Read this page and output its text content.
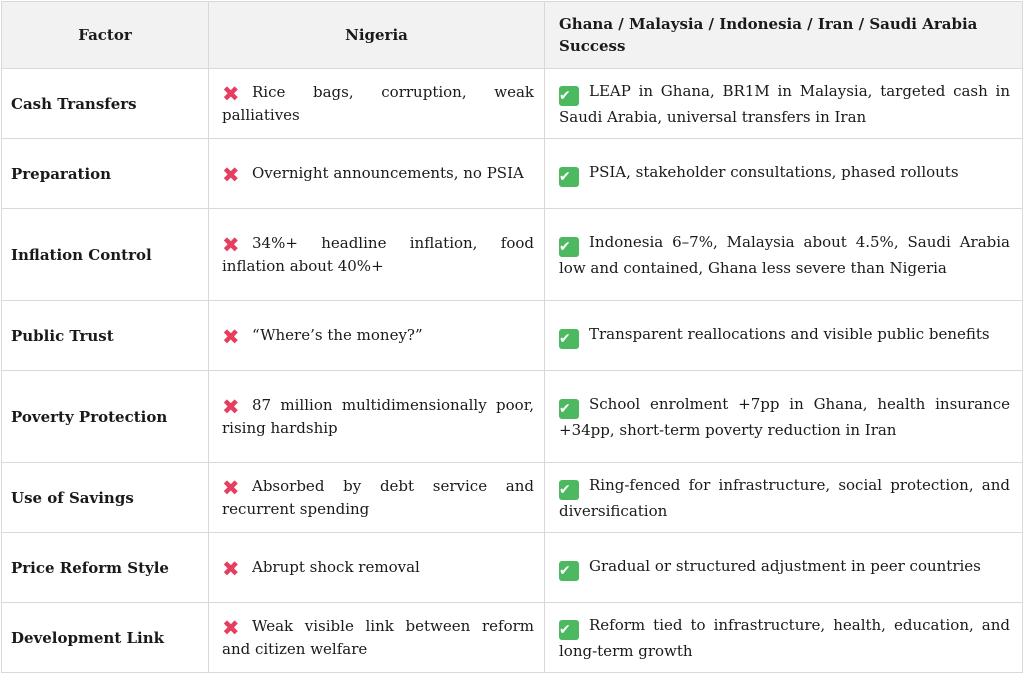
Factor	Nigeria	Ghana / Malaysia / Indonesia / Iran / Saudi Arabia Success
Cash Transfers	✖ Rice bags, corruption, weak palliatives	✔ LEAP in Ghana, BR1M in Malaysia, targeted cash in Saudi Arabia, universal transfers in Iran
Preparation	✖ Overnight announcements, no PSIA	✔ PSIA, stakeholder consultations, phased rollouts
Inflation Control	✖ 34%+ headline inflation, food inflation about 40%+	✔ Indonesia 6–7%, Malaysia about 4.5%, Saudi Arabia low and contained, Ghana less severe than Nigeria
Public Trust	✖ “Where’s the money?”	✔ Transparent reallocations and visible public benefits
Poverty Protection	✖ 87 million multidimensionally poor, rising hardship	✔ School enrolment +7pp in Ghana, health insurance +34pp, short-term poverty reduction in Iran
Use of Savings	✖ Absorbed by debt service and recurrent spending	✔ Ring-fenced for infrastructure, social protection, and diversification
Price Reform Style	✖ Abrupt shock removal	✔ Gradual or structured adjustment in peer countries
Development Link	✖ Weak visible link between reform and citizen welfare	✔ Reform tied to infrastructure, health, education, and long-term growth
